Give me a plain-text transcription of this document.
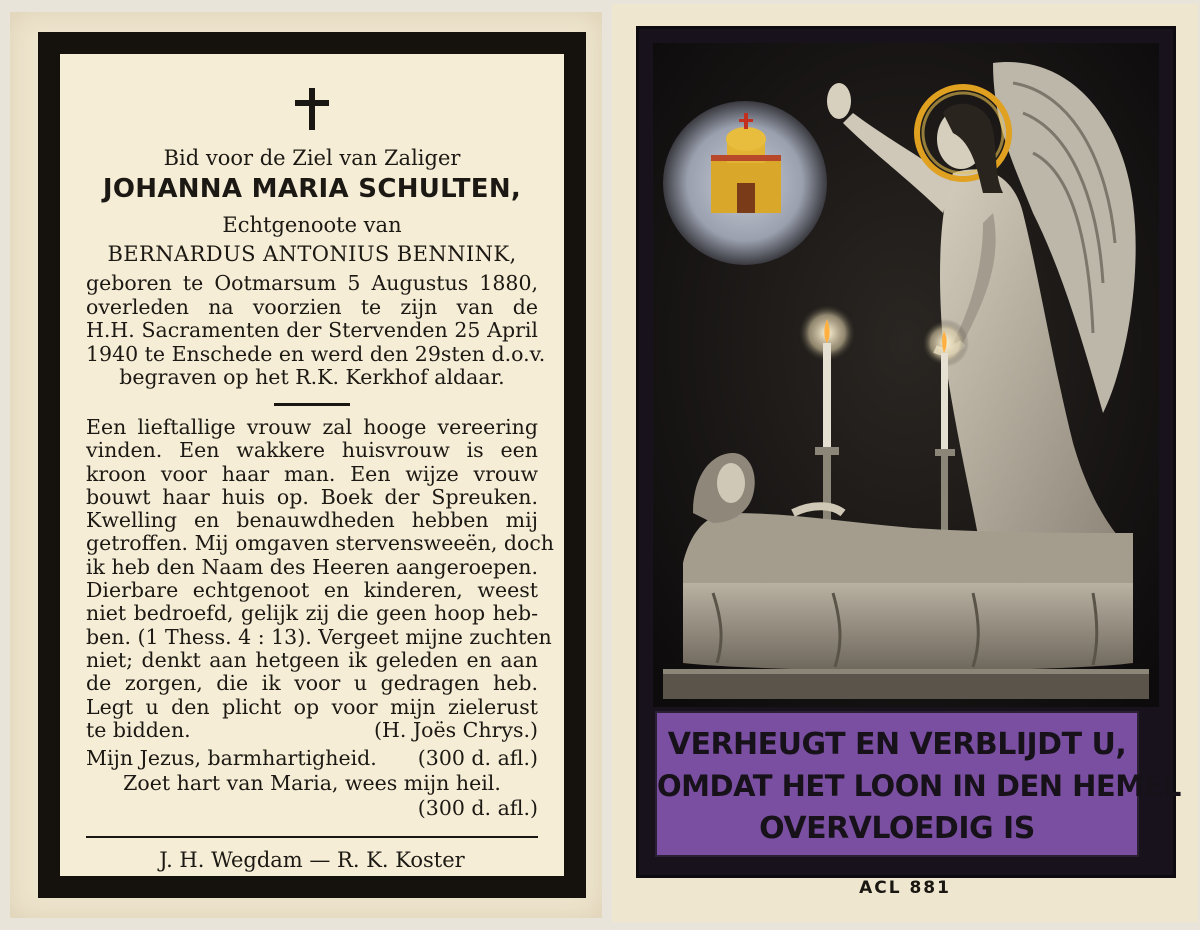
Bid voor de Ziel van Zaliger
JOHANNA MARIA SCHULTEN,
Echtgenoote van
BERNARDUS ANTONIUS BENNINK,
geboren te Ootmarsum 5 Augustus 1880,
overleden na voorzien te zijn van de
H.H. Sacramenten der Stervenden 25 April
1940 te Enschede en werd den 29sten d.o.v.
begraven op het R.K. Kerkhof aldaar.
Een lieftallige vrouw zal hooge vereering
vinden. Een wakkere huisvrouw is een
kroon voor haar man. Een wijze vrouw
bouwt haar huis op. Boek der Spreuken.
Kwelling en benauwdheden hebben mij
getroffen. Mij omgaven stervensweeën, doch
ik heb den Naam des Heeren aangeroepen.
Dierbare echtgenoot en kinderen, weest
niet bedroefd, gelijk zij die geen hoop heb-
ben. (1 Thess. 4 : 13). Vergeet mijne zuchten
niet; denkt aan hetgeen ik geleden en aan
de zorgen, die ik voor u gedragen heb.
Legt u den plicht op voor mijn zielerust
te bidden.	(H. Joës Chrys.)
Mijn Jezus, barmhartigheid. (300 d. afl.)
Zoet hart van Maria, wees mijn heil.
(300 d. afl.)
J. H. Wegdam — R. K. Koster
VERHEUGT EN VERBLIJDT U,
OMDAT HET LOON IN DEN HEMEL
OVERVLOEDIG IS
ACL 881
